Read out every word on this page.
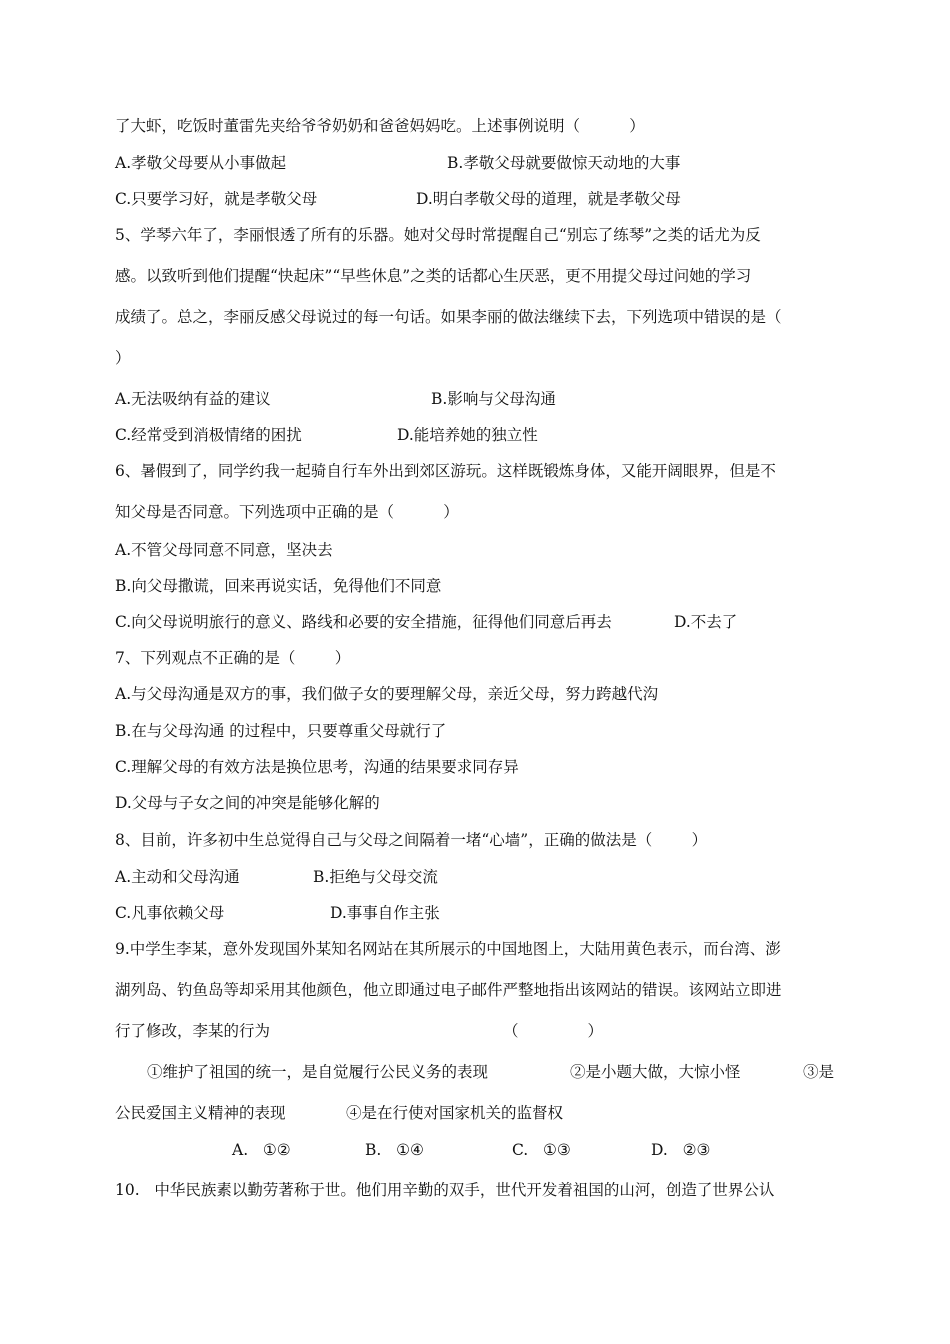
了大虾，吃饭时董雷先夹给爷爷奶奶和爸爸妈妈吃。上述事例说明（          ）
A.孝敬父母要从小事做起	B.孝敬父母就要做惊天动地的大事
C.只要学习好，就是孝敬父母	D.明白孝敬父母的道理，就是孝敬父母
5、学琴六年了，李丽恨透了所有的乐器。她对父母时常提醒自己“别忘了练琴”之类的话尤为反
感。以致听到他们提醒“快起床”“早些休息”之类的话都心生厌恶，更不用提父母过问她的学习
成绩了。总之，李丽反感父母说过的每一句话。如果李丽的做法继续下去，下列选项中错误的是（
）
A.无法吸纳有益的建议	B.影响与父母沟通
C.经常受到消极情绪的困扰	D.能培养她的独立性
6、暑假到了，同学约我一起骑自行车外出到郊区游玩。这样既锻炼身体，又能开阔眼界，但是不
知父母是否同意。下列选项中正确的是（          ）
A.不管父母同意不同意，坚决去
B.向父母撒谎，回来再说实话，免得他们不同意
C.向父母说明旅行的意义、路线和必要的安全措施，征得他们同意后再去	D.不去了
7、下列观点不正确的是（        ）
A.与父母沟通是双方的事，我们做子女的要理解父母，亲近父母，努力跨越代沟
B.在与父母沟通 的过程中，只要尊重父母就行了
C.理解父母的有效方法是换位思考，沟通的结果要求同存异
D.父母与子女之间的冲突是能够化解的
8、目前，许多初中生总觉得自己与父母之间隔着一堵“心墙”，正确的做法是（        ）
A.主动和父母沟通	B.拒绝与父母交流
C.凡事依赖父母	D.事事自作主张
9.中学生李某，意外发现国外某知名网站在其所展示的中国地图上，大陆用黄色表示，而台湾、澎
湖列岛、钓鱼岛等却采用其他颜色，他立即通过电子邮件严整地指出该网站的错误。该网站立即进
行了修改，李某的行为	（              ）
①维护了祖国的统一，是自觉履行公民义务的表现	②是小题大做，大惊小怪	③是
公民爱国主义精神的表现	④是在行使对国家机关的监督权
A.   ①②	B.   ①④	C.   ①③	D.   ②③
10.   中华民族素以勤劳著称于世。他们用辛勤的双手，世代开发着祖国的山河，创造了世界公认
